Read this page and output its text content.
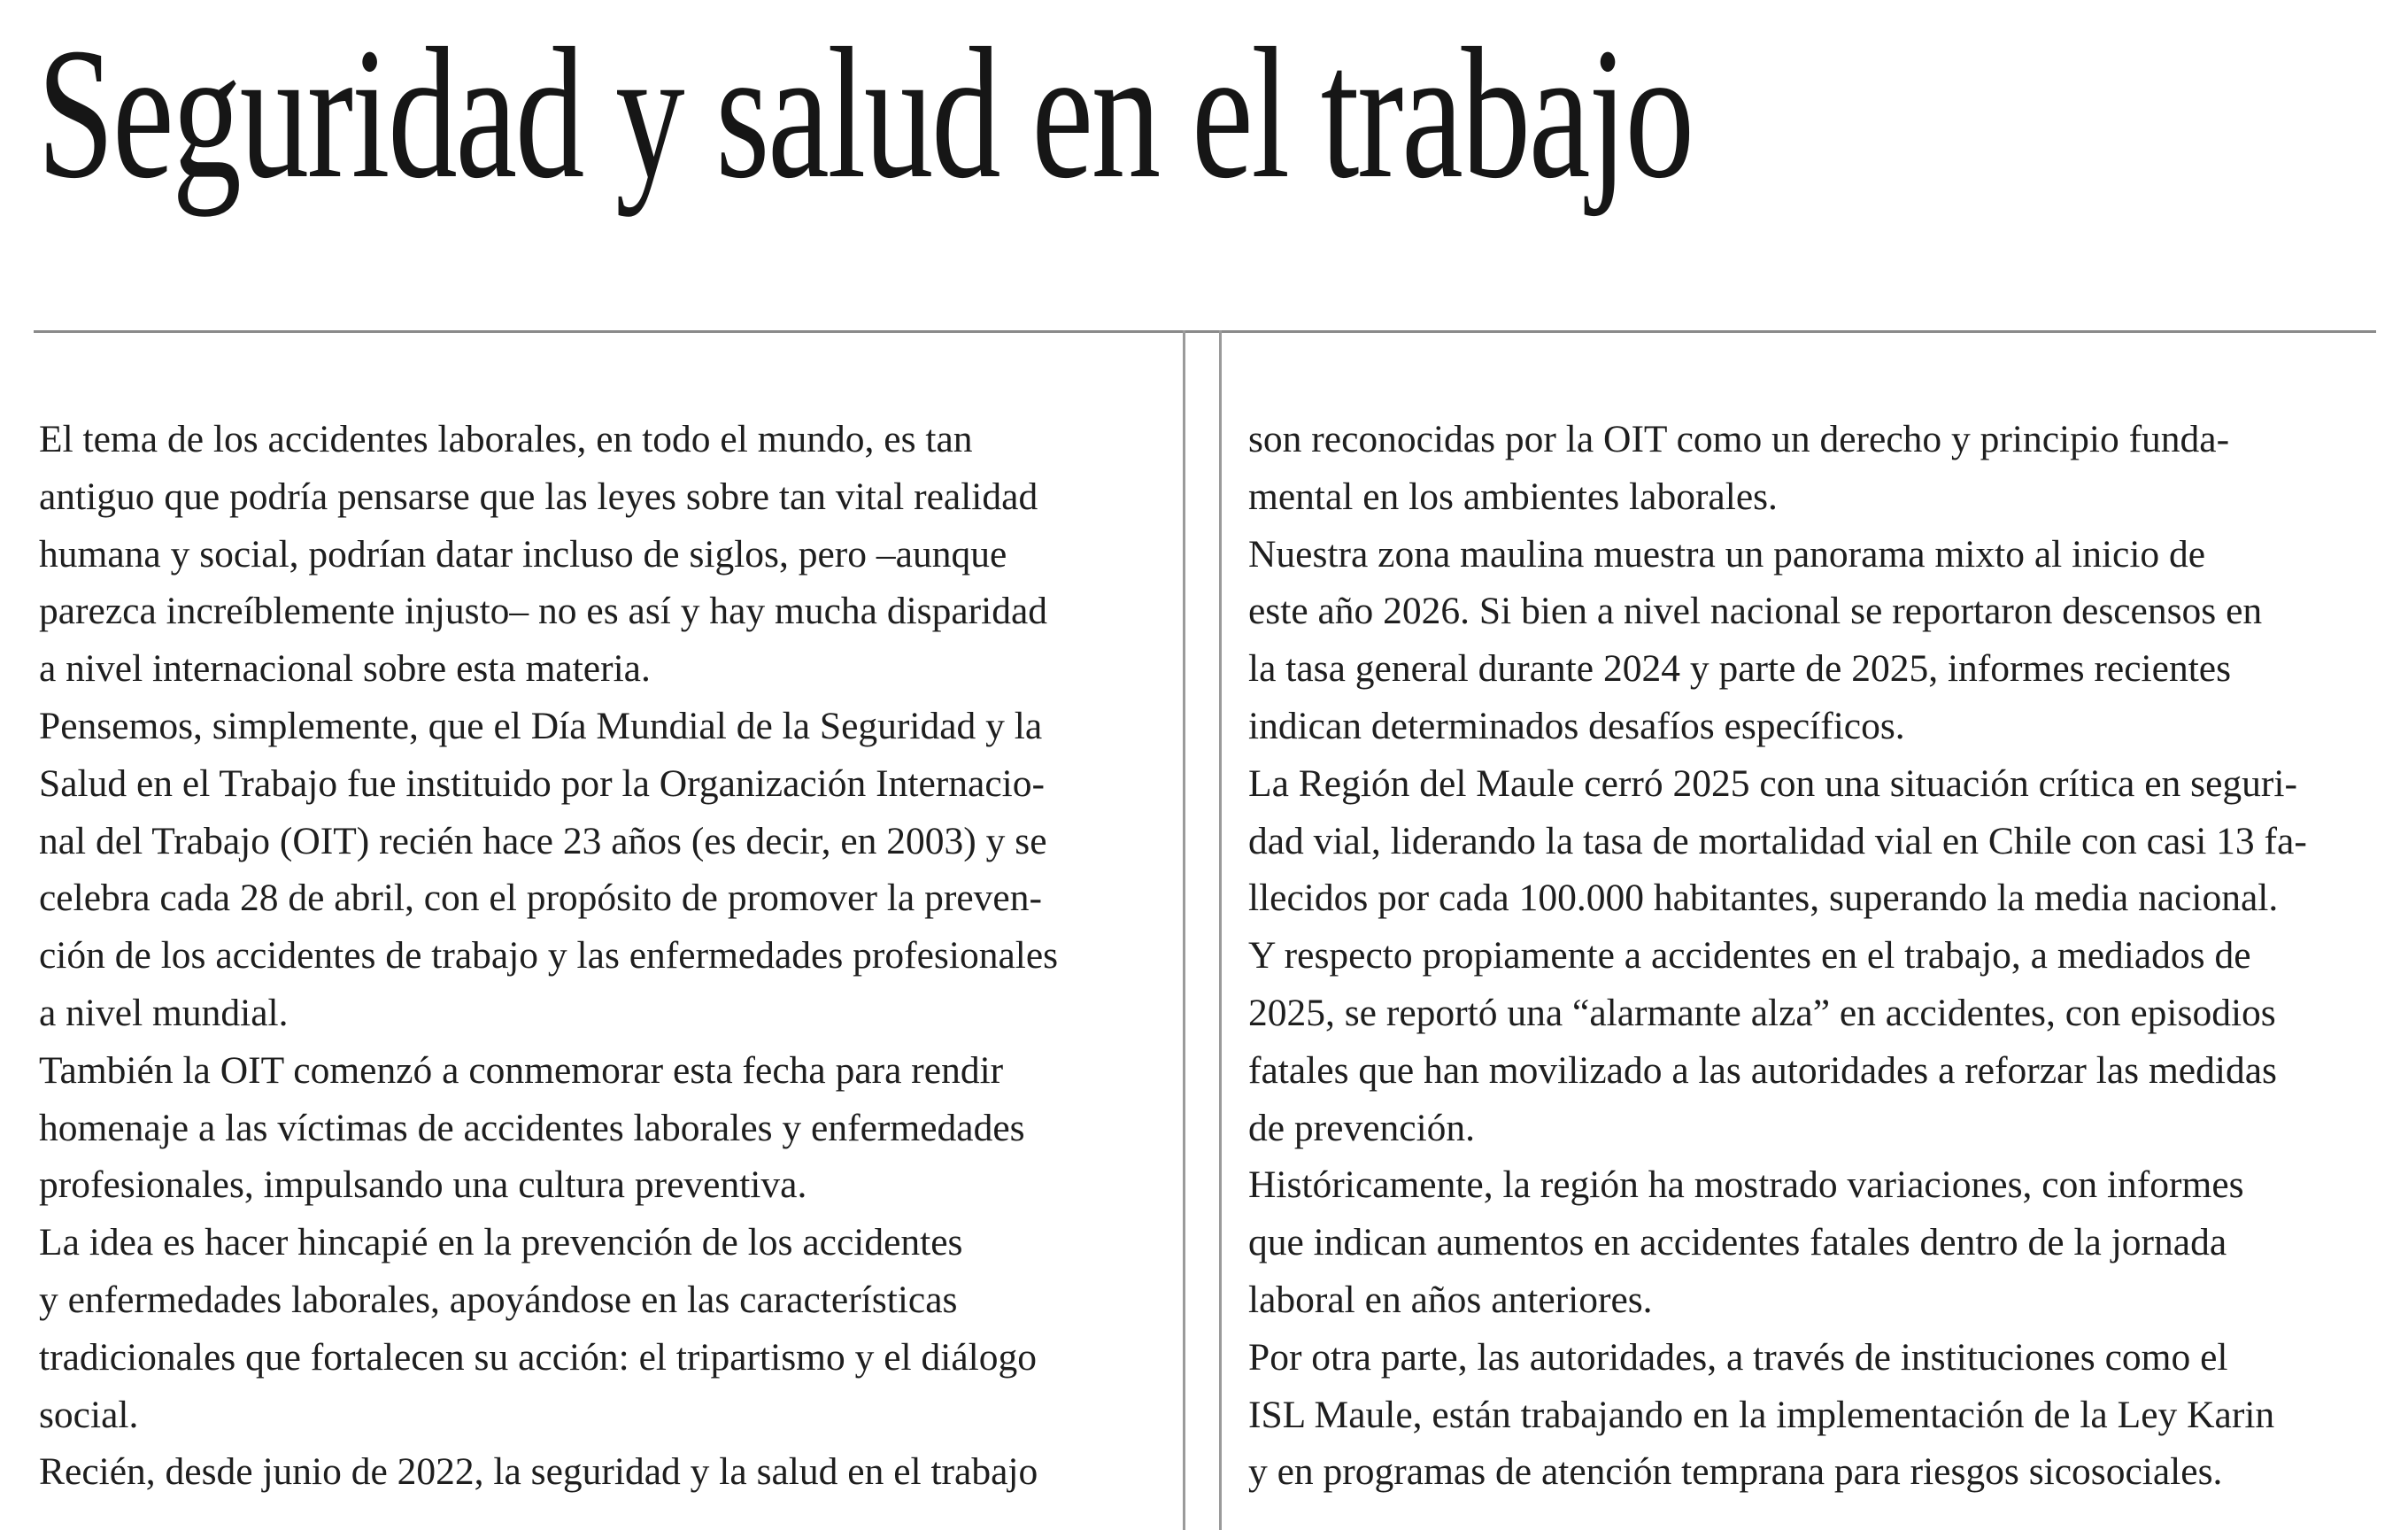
Seguridad y salud en el trabajo
El tema de los accidentes laborales, en todo el mundo, es tan
antiguo que podría pensarse que las leyes sobre tan vital realidad
humana y social, podrían datar incluso de siglos, pero –aunque
parezca increíblemente injusto– no es así y hay mucha disparidad
a nivel internacional sobre esta materia.
Pensemos, simplemente, que el Día Mundial de la Seguridad y la
Salud en el Trabajo fue instituido por la Organización Internacio-
nal del Trabajo (OIT) recién hace 23 años (es decir, en 2003) y se
celebra cada 28 de abril, con el propósito de promover la preven-
ción de los accidentes de trabajo y las enfermedades profesionales
a nivel mundial.
También la OIT comenzó a conmemorar esta fecha para rendir
homenaje a las víctimas de accidentes laborales y enfermedades
profesionales, impulsando una cultura preventiva.
La idea es hacer hincapié en la prevención de los accidentes
y enfermedades laborales, apoyándose en las características
tradicionales que fortalecen su acción: el tripartismo y el diálogo
social.
Recién, desde junio de 2022, la seguridad y la salud en el trabajo
son reconocidas por la OIT como un derecho y principio funda-
mental en los ambientes laborales.
Nuestra zona maulina muestra un panorama mixto al inicio de
este año 2026. Si bien a nivel nacional se reportaron descensos en
la tasa general durante 2024 y parte de 2025, informes recientes
indican determinados desafíos específicos.
La Región del Maule cerró 2025 con una situación crítica en seguri-
dad vial, liderando la tasa de mortalidad vial en Chile con casi 13 fa-
llecidos por cada 100.000 habitantes, superando la media nacional.
Y respecto propiamente a accidentes en el trabajo, a mediados de
2025, se reportó una “alarmante alza” en accidentes, con episodios
fatales que han movilizado a las autoridades a reforzar las medidas
de prevención.
Históricamente, la región ha mostrado variaciones, con informes
que indican aumentos en accidentes fatales dentro de la jornada
laboral en años anteriores.
Por otra parte, las autoridades, a través de instituciones como el
ISL Maule, están trabajando en la implementación de la Ley Karin
y en programas de atención temprana para riesgos sicosociales.
